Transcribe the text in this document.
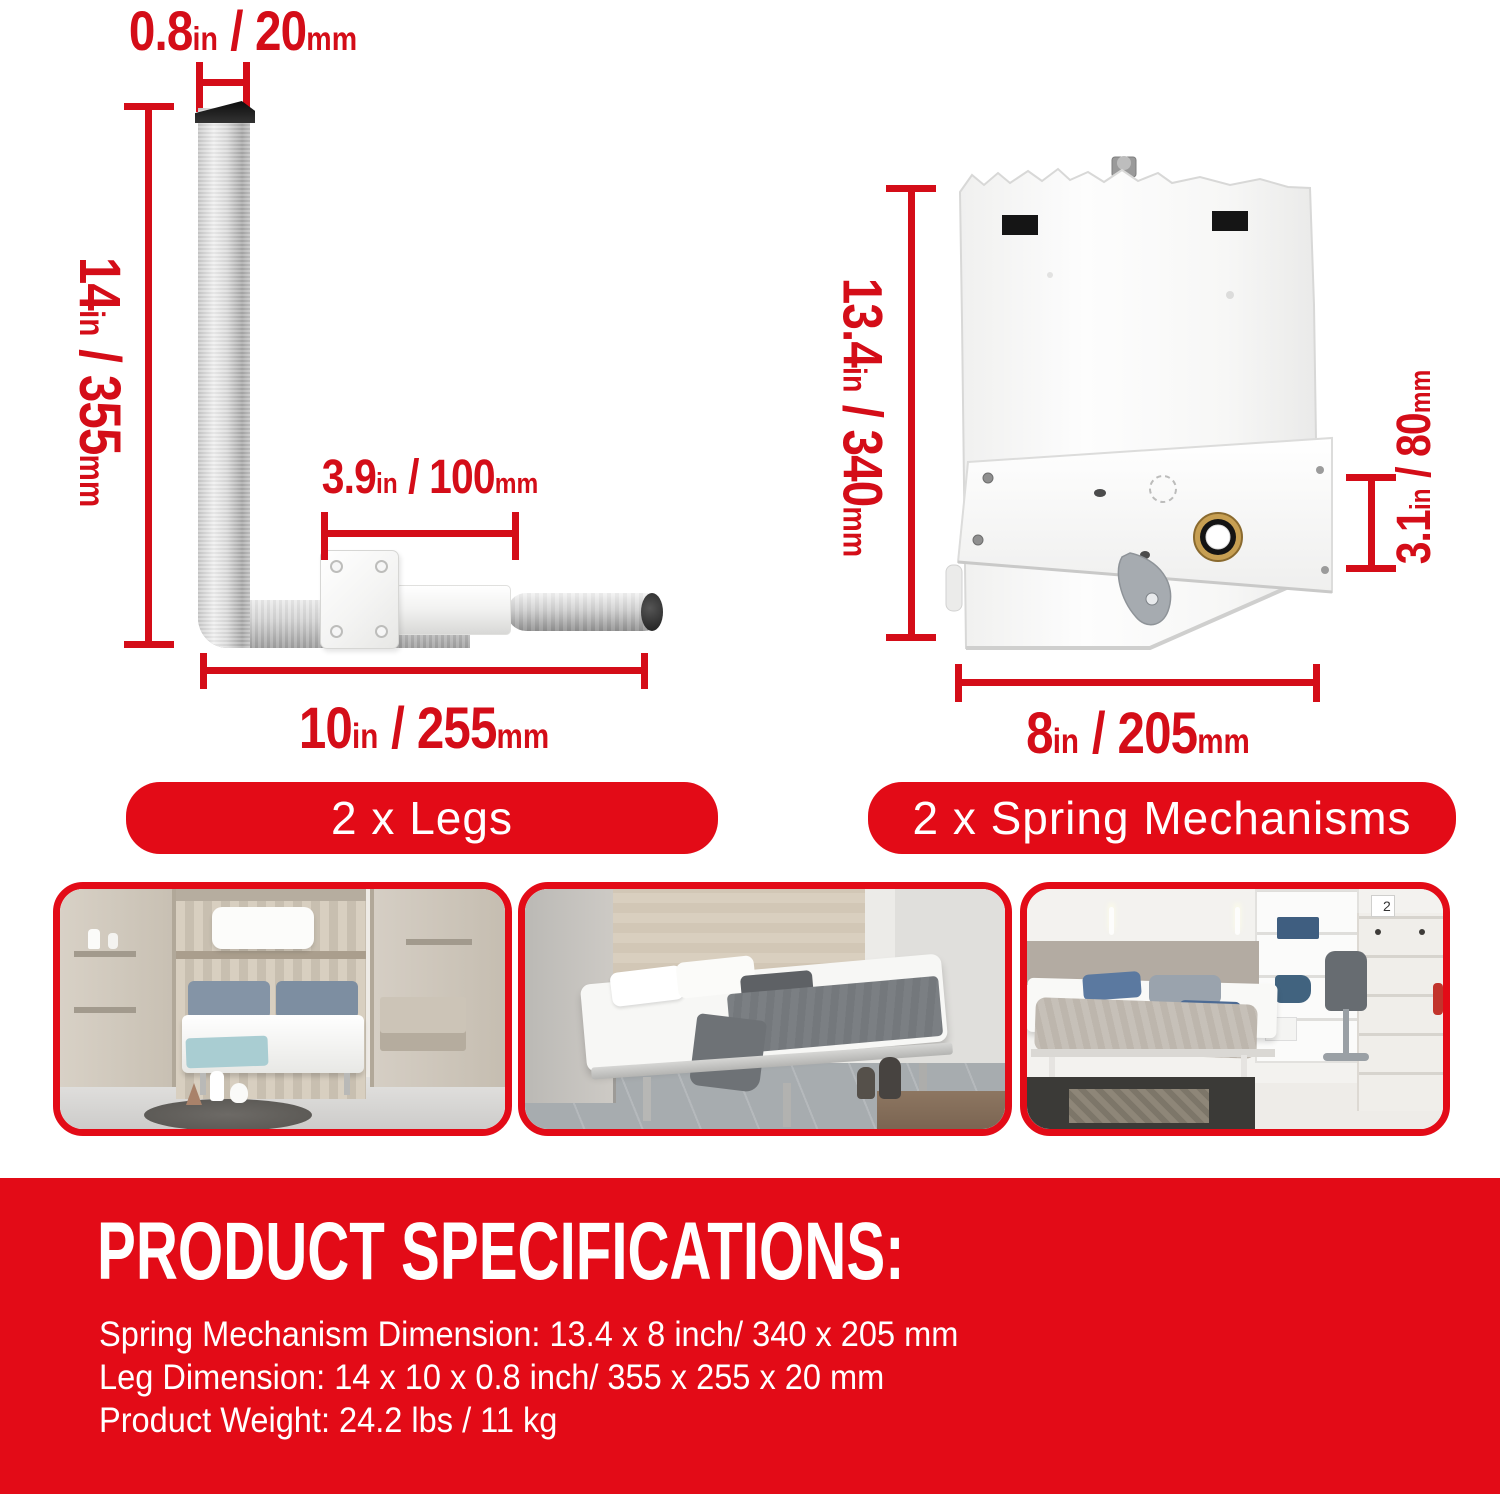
0.8in / 20mm
14in / 355mm	3.9in / 100mm
10in / 255mm
13.4in / 340mm	3.1in / 80mm
8in / 205mm
2 x Legs	2 x Spring Mechanisms
2
PRODUCT SPECIFICATIONS:
Spring Mechanism Dimension: 13.4 x 8 inch/ 340 x 205 mm
Leg Dimension: 14 x 10 x 0.8 inch/ 355 x 255 x 20 mm
Product Weight: 24.2 lbs / 11 kg
